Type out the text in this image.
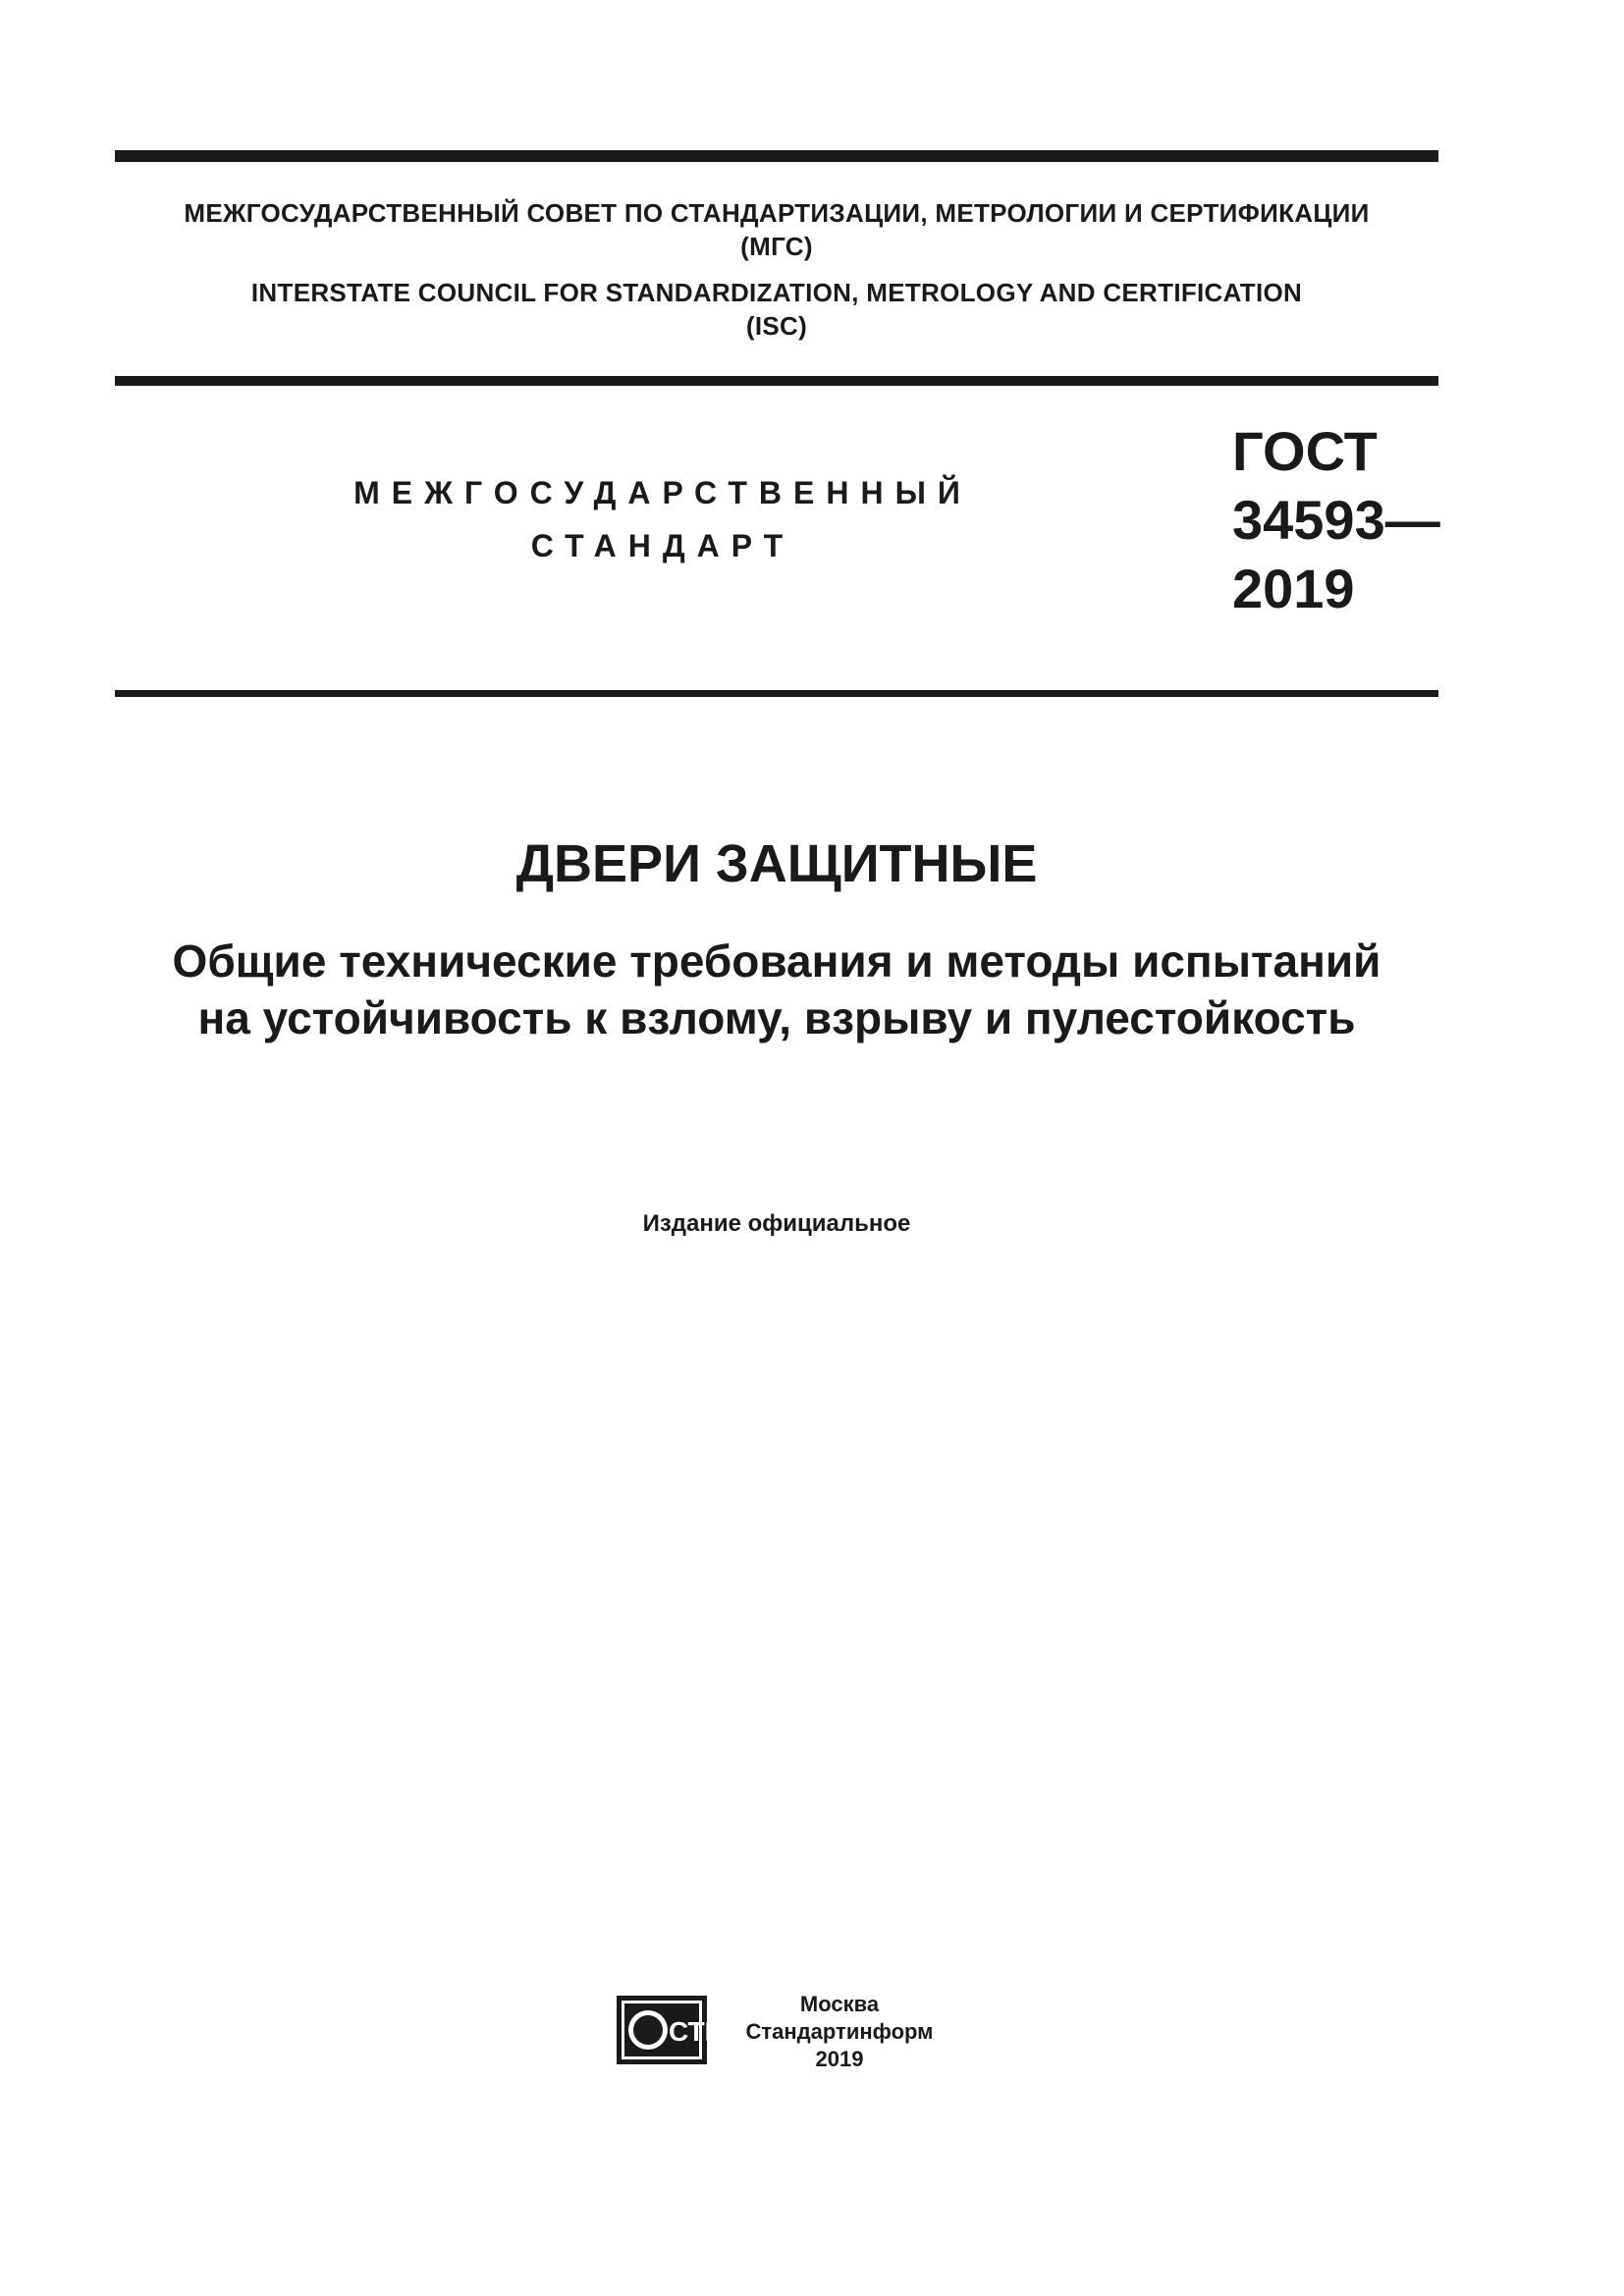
МЕЖГОСУДАРСТВЕННЫЙ СОВЕТ ПО СТАНДАРТИЗАЦИИ, МЕТРОЛОГИИ И СЕРТИФИКАЦИИ
(МГС)
INTERSTATE COUNCIL FOR STANDARDIZATION, METROLOGY AND CERTIFICATION
(ISC)
МЕЖГОСУДАРСТВЕННЫЙ
СТАНДАРТ
ГОСТ
34593—
2019
ДВЕРИ ЗАЩИТНЫЕ
Общие технические требования и методы испытаний
на устойчивость к взлому, взрыву и пулестойкость
Издание официальное
СТИ
Москва
Стандартинформ
2019
